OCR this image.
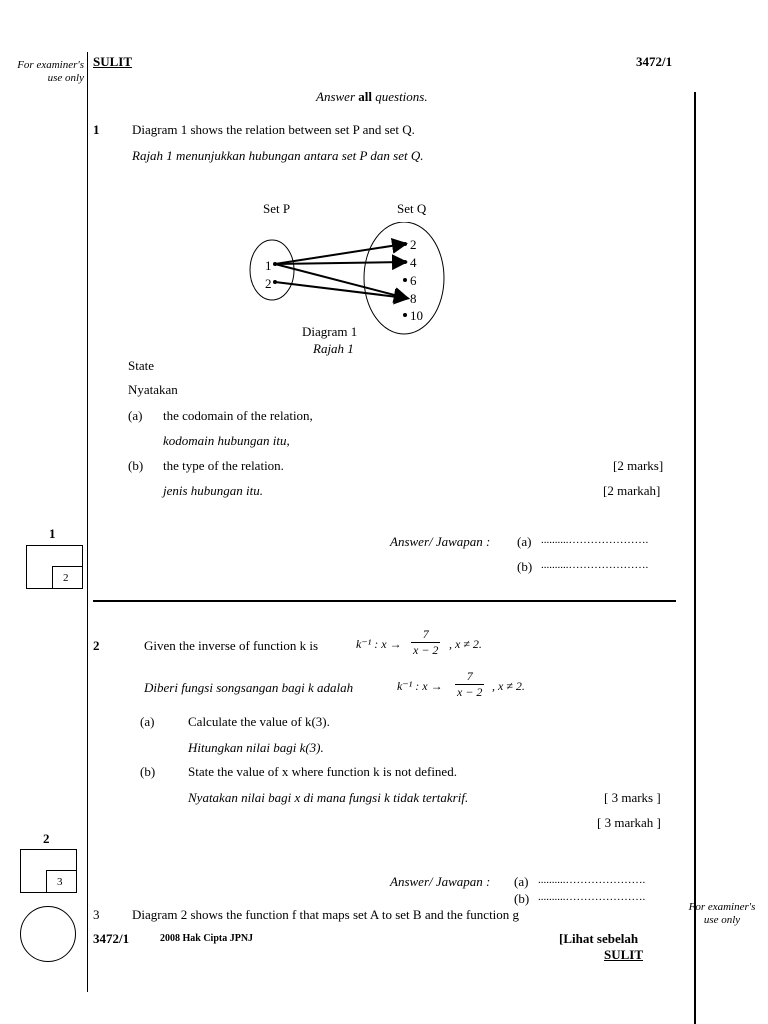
For examiner's
use only
SULIT	3472/1
Answer all questions.
1	Diagram 1 shows the relation between set P and set Q.
Rajah 1 menunjukkan hubungan antara set P dan set Q.
Set P	Set Q
1
2
2
4
6
8
10
Diagram 1
Rajah 1
State
Nyatakan
(a) the codomain of the relation,
kodomain hubungan itu,
(b) the type of the relation.	[2 marks]
jenis hubungan itu.	[2 markah]
Answer/ Jawapan : (a) ..........………………….
(b) ..........………………….
1
2
2	Given the inverse of function k is	k⁻¹ : $x \to \frac{7}{x - 2}$ , x ≠ 2.
Diberi fungsi songsangan bagi k adalah	k⁻¹ : $x \to \frac{7}{x - 2}$ , x ≠ 2.
(a)	Calculate the value of k(3).
Hitungkan nilai bagi k(3).
(b)	State the value of x where function k is not defined.
Nyatakan nilai bagi x di mana fungsi k tidak tertakrif.	[ 3 marks ]
[ 3 markah ]
Answer/ Jawapan : (a) ..........………………….
(b) ..........………………….
2
3
3	Diagram 2 shows the function f that maps set A to set B and the function g	For examiner's
use only
3472/1	2008 Hak Cipta JPNJ	[Lihat sebelah
SULIT
